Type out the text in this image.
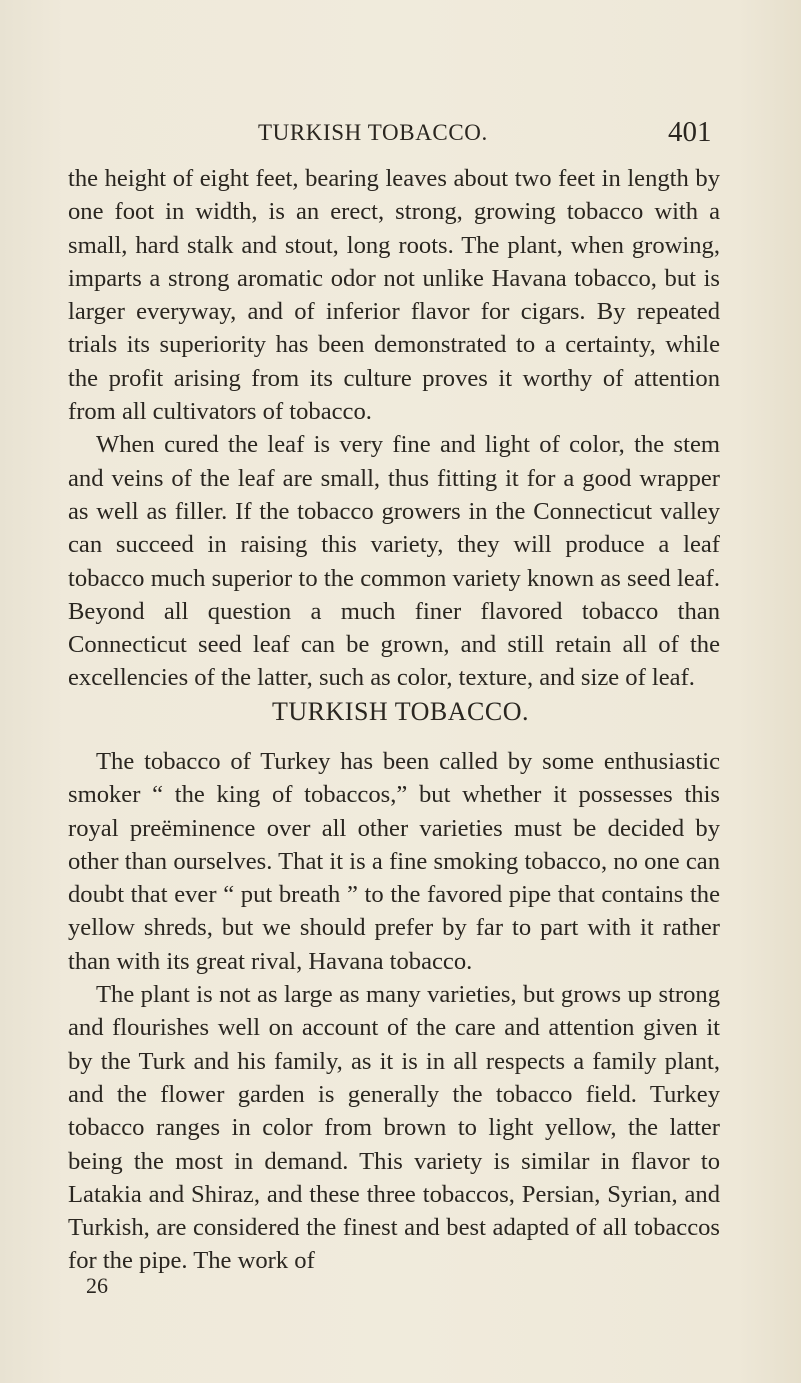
TURKISH TOBACCO.	401

the height of eight feet, bearing leaves about two feet in length by one foot in width, is an erect, strong, growing tobacco with a small, hard stalk and stout, long roots. The plant, when growing, imparts a strong aromatic odor not unlike Havana tobacco, but is larger everyway, and of inferior flavor for cigars. By repeated trials its superiority has been demonstrated to a certainty, while the profit arising from its culture proves it worthy of attention from all cultivators of tobacco.

When cured the leaf is very fine and light of color, the stem and veins of the leaf are small, thus fitting it for a good wrapper as well as filler. If the tobacco growers in the Connecticut valley can succeed in raising this variety, they will produce a leaf tobacco much superior to the common variety known as seed leaf. Beyond all question a much finer flavored tobacco than Connecticut seed leaf can be grown, and still retain all of the excellencies of the latter, such as color, texture, and size of leaf.

TURKISH TOBACCO.

The tobacco of Turkey has been called by some enthusiastic smoker “ the king of tobaccos,” but whether it possesses this royal preëminence over all other varieties must be decided by other than ourselves. That it is a fine smoking tobacco, no one can doubt that ever “ put breath ” to the favored pipe that contains the yellow shreds, but we should prefer by far to part with it rather than with its great rival, Havana tobacco.

The plant is not as large as many varieties, but grows up strong and flourishes well on account of the care and attention given it by the Turk and his family, as it is in all respects a family plant, and the flower garden is generally the tobacco field. Turkey tobacco ranges in color from brown to light yellow, the latter being the most in demand. This variety is similar in flavor to Latakia and Shiraz, and these three tobaccos, Persian, Syrian, and Turkish, are considered the finest and best adapted of all tobaccos for the pipe. The work of

26
